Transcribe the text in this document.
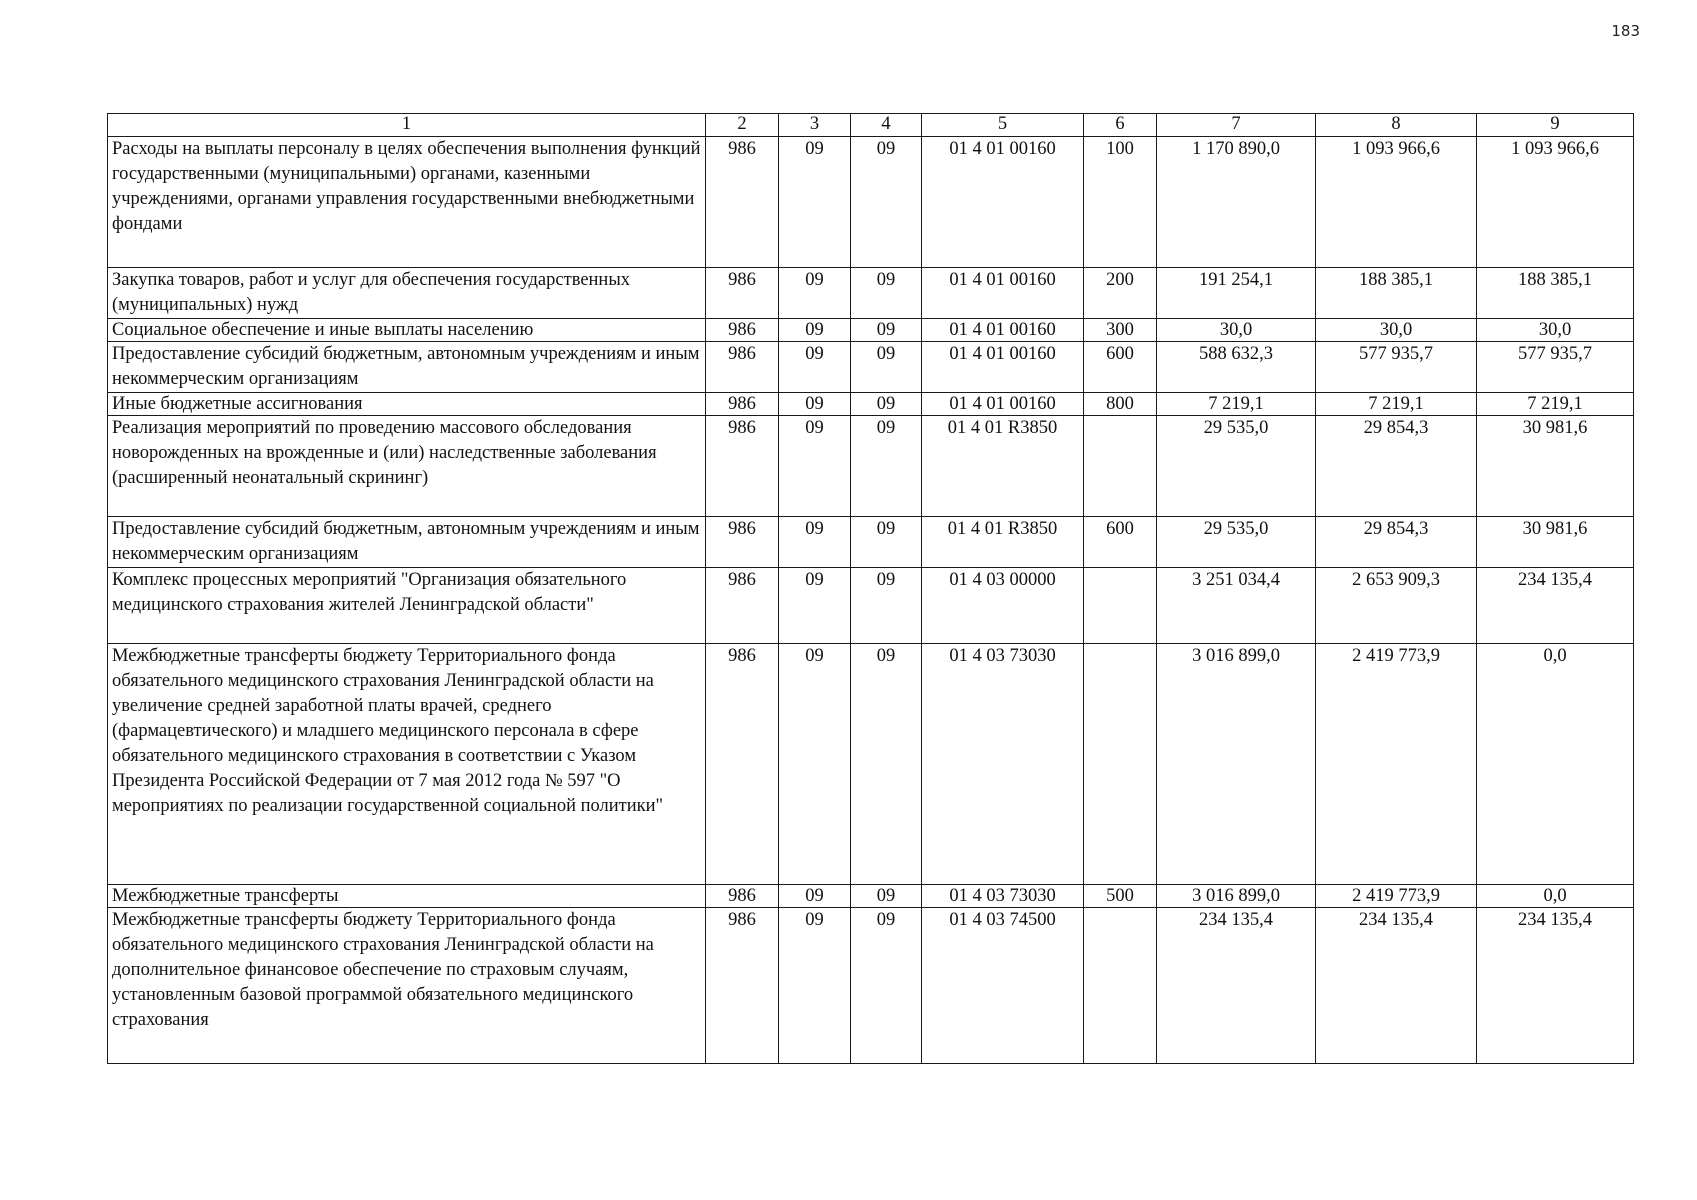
183
1	2	3	4	5	6	7	8	9
Расходы на выплаты персоналу в целях обеспечения выполнения функций государственными (муниципальными) органами, казенными учреждениями, органами управления государственными внебюджетными фондами	986	09	09	01 4 01 00160	100	1 170 890,0	1 093 966,6	1 093 966,6
Закупка товаров, работ и услуг для обеспечения государственных (муниципальных) нужд	986	09	09	01 4 01 00160	200	191 254,1	188 385,1	188 385,1
Социальное обеспечение и иные выплаты населению	986	09	09	01 4 01 00160	300	30,0	30,0	30,0
Предоставление субсидий бюджетным, автономным учреждениям и иным некоммерческим организациям	986	09	09	01 4 01 00160	600	588 632,3	577 935,7	577 935,7
Иные бюджетные ассигнования	986	09	09	01 4 01 00160	800	7 219,1	7 219,1	7 219,1
Реализация мероприятий по проведению массового обследования новорожденных на врожденные и (или) наследственные заболевания (расширенный неонатальный скрининг)	986	09	09	01 4 01 R3850		29 535,0	29 854,3	30 981,6
Предоставление субсидий бюджетным, автономным учреждениям и иным некоммерческим организациям	986	09	09	01 4 01 R3850	600	29 535,0	29 854,3	30 981,6
Комплекс процессных мероприятий "Организация обязательного медицинского страхования жителей Ленинградской области"	986	09	09	01 4 03 00000		3 251 034,4	2 653 909,3	234 135,4
Межбюджетные трансферты бюджету Территориального фонда обязательного медицинского страхования Ленинградской области на увеличение средней заработной платы врачей, среднего (фармацевтического) и младшего медицинского персонала в сфере обязательного медицинского страхования в соответствии с Указом Президента Российской Федерации от 7 мая 2012 года № 597 "О мероприятиях по реализации государственной социальной политики"	986	09	09	01 4 03 73030		3 016 899,0	2 419 773,9	0,0
Межбюджетные трансферты	986	09	09	01 4 03 73030	500	3 016 899,0	2 419 773,9	0,0
Межбюджетные трансферты бюджету Территориального фонда обязательного медицинского страхования Ленинградской области на дополнительное финансовое обеспечение по страховым случаям, установленным базовой программой обязательного медицинского страхования	986	09	09	01 4 03 74500		234 135,4	234 135,4	234 135,4
